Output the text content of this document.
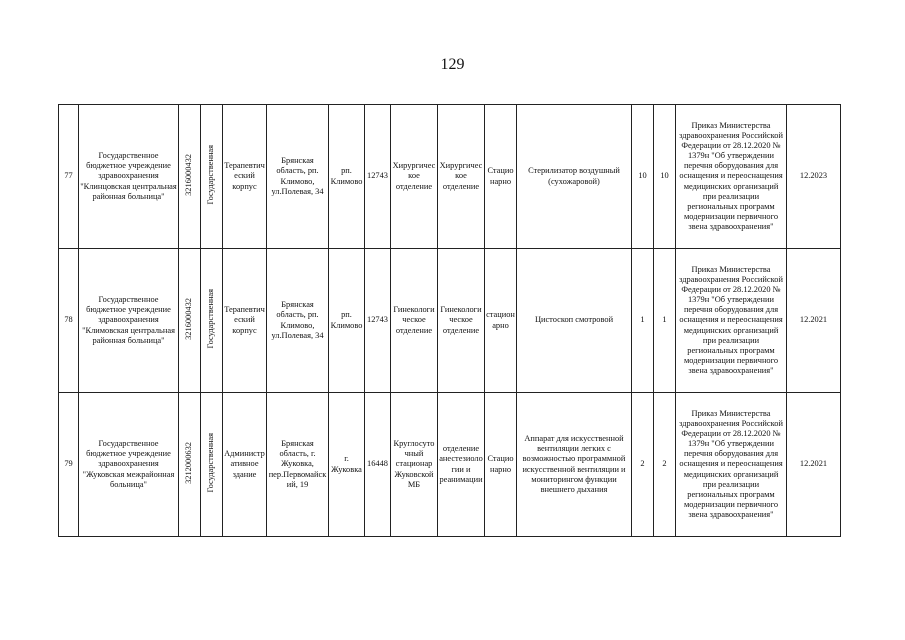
129
77	Государственное бюджетное учреждение здравоохранения "Клинцовская центральная районная больница"	3216000432	Государственная	Терапевтический корпус	Брянская область, рп. Климово, ул.Полевая, 34	рп. Климово	12743	Хирургическое отделение	Хирургическое отделение	Стационарно	Стерилизатор воздушный (сухожаровой)	10	10	Приказ Министерства здравоохранения Российской Федерации от 28.12.2020 № 1379н "Об утверждении перечня оборудования для оснащения и переоснащения медицинских организаций при реализации региональных программ модернизации первичного звена здравоохранения"	12.2023
78	Государственное бюджетное учреждение здравоохранения "Климовская центральная районная больница"	3216000432	Государственная	Терапевтический корпус	Брянская область, рп. Климово, ул.Полевая, 34	рп. Климово	12743	Гинекологическое отделение	Гинекологическое отделение	стационарно	Цистоскоп смотровой	1	1	Приказ Министерства здравоохранения Российской Федерации от 28.12.2020 № 1379н "Об утверждении перечня оборудования для оснащения и переоснащения медицинских организаций при реализации региональных программ модернизации первичного звена здравоохранения"	12.2021
79	Государственное бюджетное учреждение здравоохранения "Жуковская межрайонная больница"	3212000632	Государственная	Административное здание	Брянская область, г. Жуковка, пер.Первомайский, 19	г. Жуковка	16448	Круглосуточный стационар Жуковской МБ	отделение анестезиологии и реанимации	Стационарно	Аппарат для искусственной вентиляции легких с возможностью программной искусственной вентиляции и мониторингом функции внешнего дыхания	2	2	Приказ Министерства здравоохранения Российской Федерации от 28.12.2020 № 1379н "Об утверждении перечня оборудования для оснащения и переоснащения медицинских организаций при реализации региональных программ модернизации первичного звена здравоохранения"	12.2021
